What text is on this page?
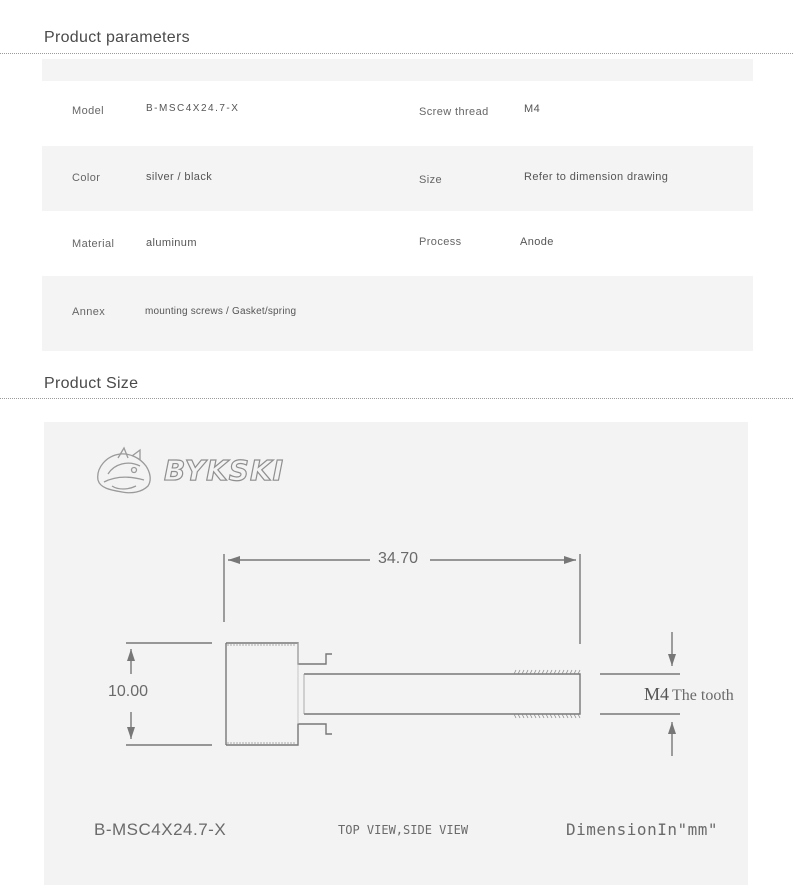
Product parameters
Model	B-MSC4X24.7-X	Screw thread	M4
Color	silver / black	Size	Refer to dimension drawing
Material	aluminum	Process	Anode
Annex	mounting screws / Gasket/spring
Product Size
BYKSKI
34.70
10.00	M4 The tooth
B-MSC4X24.7-X	TOP VIEW,SIDE VIEW	DimensionIn"mm"
